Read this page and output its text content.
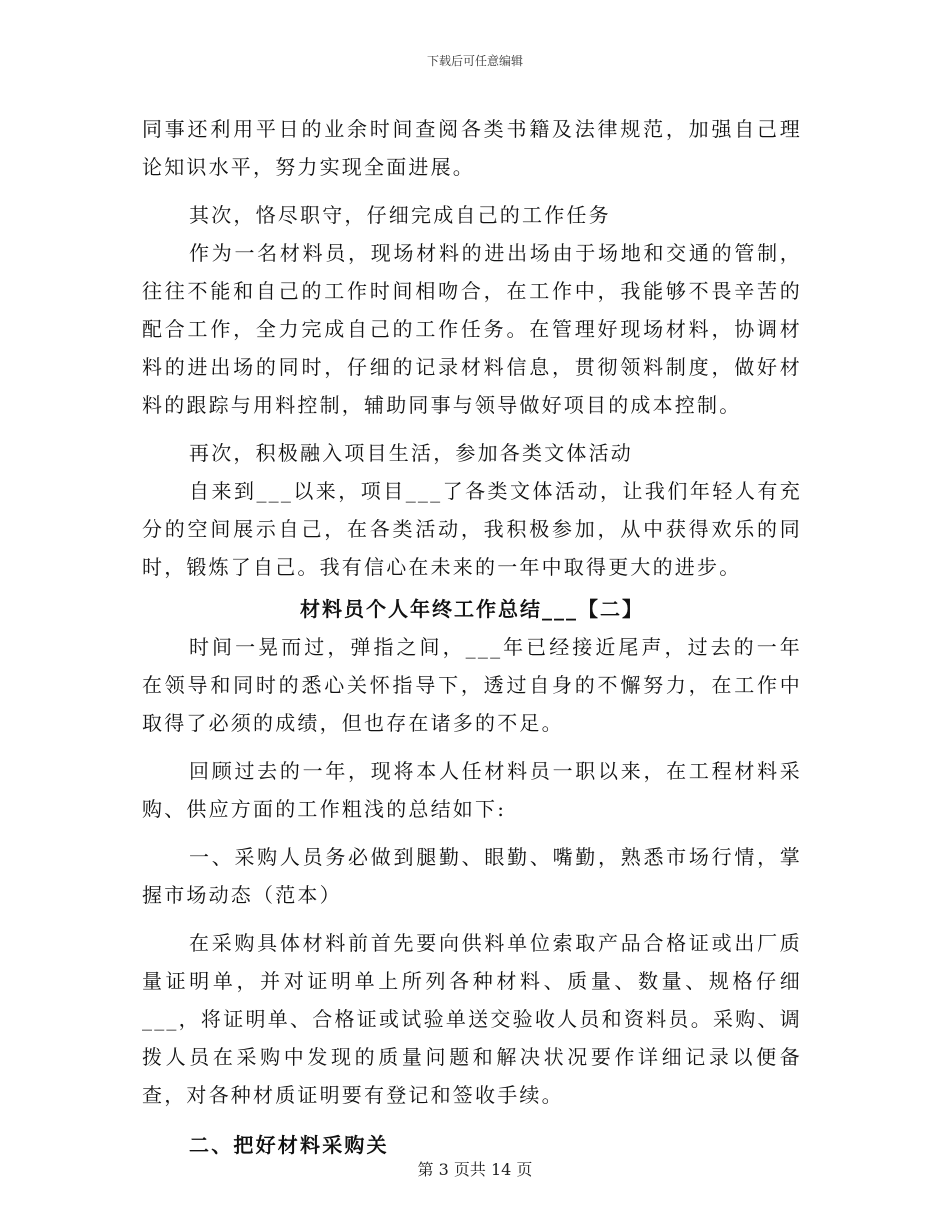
下载后可任意编辑

同事还利用平日的业余时间查阅各类书籍及法律规范，加强自己理论知识水平，努力实现全面进展。

其次，恪尽职守，仔细完成自己的工作任务

作为一名材料员，现场材料的进出场由于场地和交通的管制，往往不能和自己的工作时间相吻合，在工作中，我能够不畏辛苦的配合工作，全力完成自己的工作任务。在管理好现场材料，协调材料的进出场的同时，仔细的记录材料信息，贯彻领料制度，做好材料的跟踪与用料控制，辅助同事与领导做好项目的成本控制。

再次，积极融入项目生活，参加各类文体活动

自来到___以来，项目___了各类文体活动，让我们年轻人有充分的空间展示自己，在各类活动，我积极参加，从中获得欢乐的同时，锻炼了自己。我有信心在未来的一年中取得更大的进步。

材料员个人年终工作总结___【二】

时间一晃而过，弹指之间，___年已经接近尾声，过去的一年在领导和同时的悉心关怀指导下，透过自身的不懈努力，在工作中取得了必须的成绩，但也存在诸多的不足。

回顾过去的一年，现将本人任材料员一职以来，在工程材料采购、供应方面的工作粗浅的总结如下:

一、采购人员务必做到腿勤、眼勤、嘴勤，熟悉市场行情，掌握市场动态（范本）

在采购具体材料前首先要向供料单位索取产品合格证或出厂质量证明单，并对证明单上所列各种材料、质量、数量、规格仔细___，将证明单、合格证或试验单送交验收人员和资料员。采购、调拨人员在采购中发现的质量问题和解决状况要作详细记录以便备查，对各种材质证明要有登记和签收手续。

二、把好材料采购关

第 3 页共 14 页
